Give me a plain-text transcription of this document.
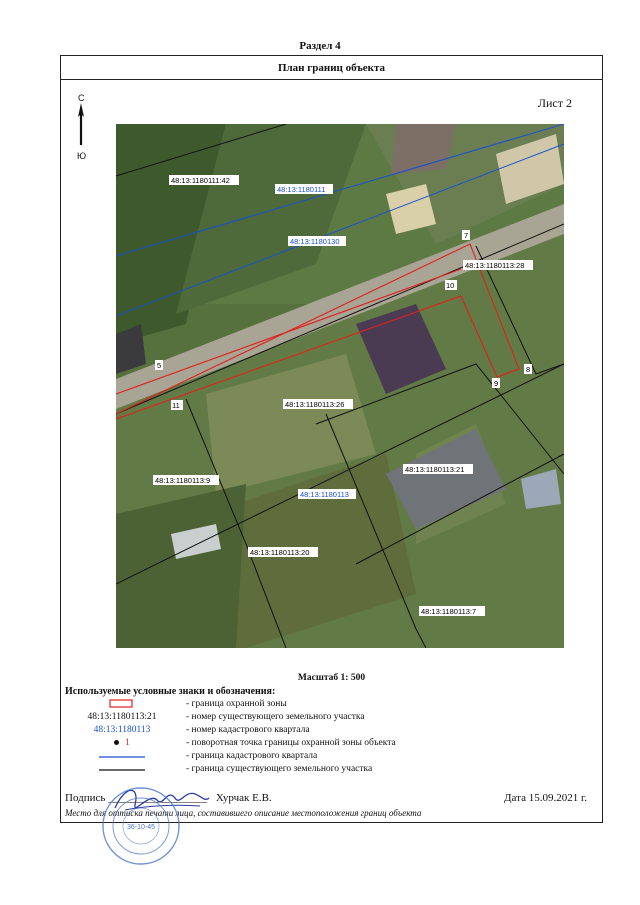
Раздел 4
План границ объекта
Лист 2
С
Ю
48:13:1180111:42
48:13:1180113:28
48:13:1180113:26
48:13:1180113:21
48:13:1180113:9
48:13:1180113:20
48:13:1180113:7
48:13:1180111
48:13:1180130
48:13:1180113
7
8
9
10
5
11
Масштаб 1: 500
Используемые условные знаки и обозначения:
- граница охранной зоны
48:13:1180113:21	- номер существующего земельного участка
48:13:1180113	- номер кадастрового квартала
1	- поворотная точка границы охранной зоны объекта
- граница кадастрового квартала
- граница существующего земельного участка
Подпись __________________ Хурчак Е.В.	Дата 15.09.2021 г.
Место для оттиска печати лица, составившего описание местоположения границ объекта
36-10-45
